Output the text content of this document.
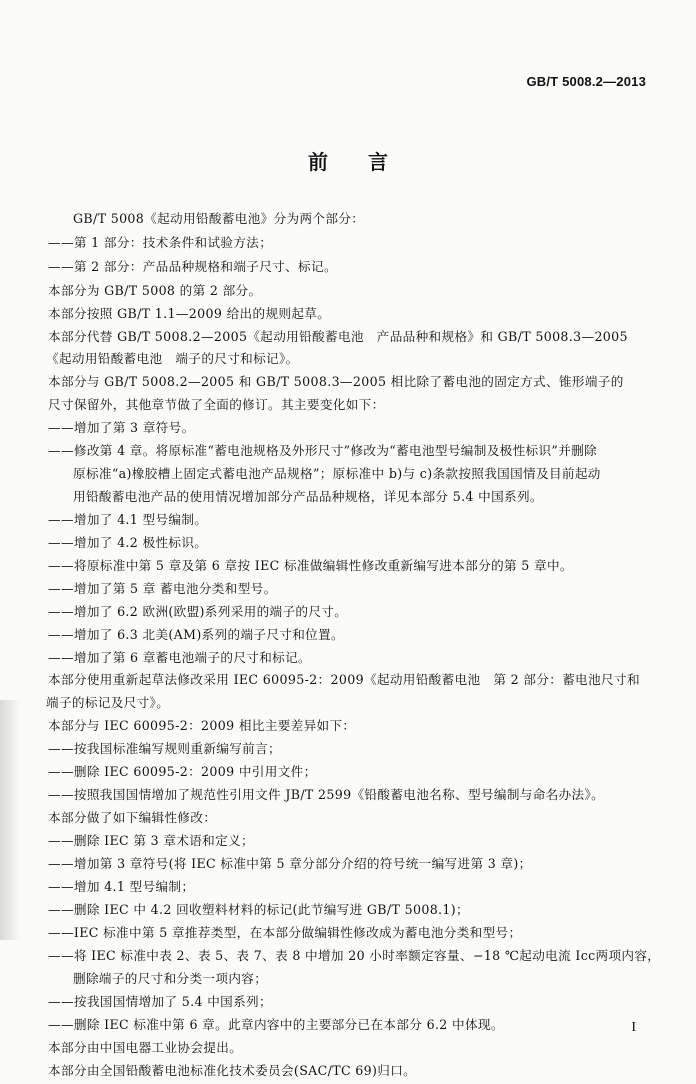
GB/T 5008.2—2013
前言
GB/T 5008《起动用铅酸蓄电池》分为两个部分：
——第 1 部分：技术条件和试验方法；
——第 2 部分：产品品种规格和端子尺寸、标记。
本部分为 GB/T 5008 的第 2 部分。
本部分按照 GB/T 1.1—2009 给出的规则起草。
本部分代替 GB/T 5008.2—2005《起动用铅酸蓄电池　产品品种和规格》和 GB/T 5008.3—2005
《起动用铅酸蓄电池　端子的尺寸和标记》。
本部分与 GB/T 5008.2—2005 和 GB/T 5008.3—2005 相比除了蓄电池的固定方式、锥形端子的
尺寸保留外，其他章节做了全面的修订。其主要变化如下：
——增加了第 3 章符号。
——修改第 4 章。将原标准“蓄电池规格及外形尺寸”修改为“蓄电池型号编制及极性标识”并删除
原标准“a)橡胶槽上固定式蓄电池产品规格”；原标准中 b)与 c)条款按照我国国情及目前起动
用铅酸蓄电池产品的使用情况增加部分产品品种规格，详见本部分 5.4 中国系列。
——增加了 4.1 型号编制。
——增加了 4.2 极性标识。
——将原标准中第 5 章及第 6 章按 IEC 标准做编辑性修改重新编写进本部分的第 5 章中。
——增加了第 5 章 蓄电池分类和型号。
——增加了 6.2 欧洲(欧盟)系列采用的端子的尺寸。
——增加了 6.3 北美(AM)系列的端子尺寸和位置。
——增加了第 6 章蓄电池端子的尺寸和标记。
本部分使用重新起草法修改采用 IEC 60095-2：2009《起动用铅酸蓄电池　第 2 部分：蓄电池尺寸和
端子的标记及尺寸》。
本部分与 IEC 60095-2：2009 相比主要差异如下：
——按我国标准编写规则重新编写前言；
——删除 IEC 60095-2：2009 中引用文件；
——按照我国国情增加了规范性引用文件 JB/T 2599《铅酸蓄电池名称、型号编制与命名办法》。
本部分做了如下编辑性修改：
——删除 IEC 第 3 章术语和定义；
——增加第 3 章符号(将 IEC 标准中第 5 章分部分介绍的符号统一编写进第 3 章)；
——增加 4.1 型号编制；
——删除 IEC 中 4.2 回收塑料材料的标记(此节编写进 GB/T 5008.1)；
——IEC 标准中第 5 章推荐类型，在本部分做编辑性修改成为蓄电池分类和型号；
——将 IEC 标准中表 2、表 5、表 7、表 8 中增加 20 小时率额定容量、−18 ℃起动电流 Icc两项内容，
删除端子的尺寸和分类一项内容；
——按我国国情增加了 5.4 中国系列；
——删除 IEC 标准中第 6 章。此章内容中的主要部分已在本部分 6.2 中体现。
本部分由中国电器工业协会提出。
本部分由全国铅酸蓄电池标准化技术委员会(SAC/TC 69)归口。
I
